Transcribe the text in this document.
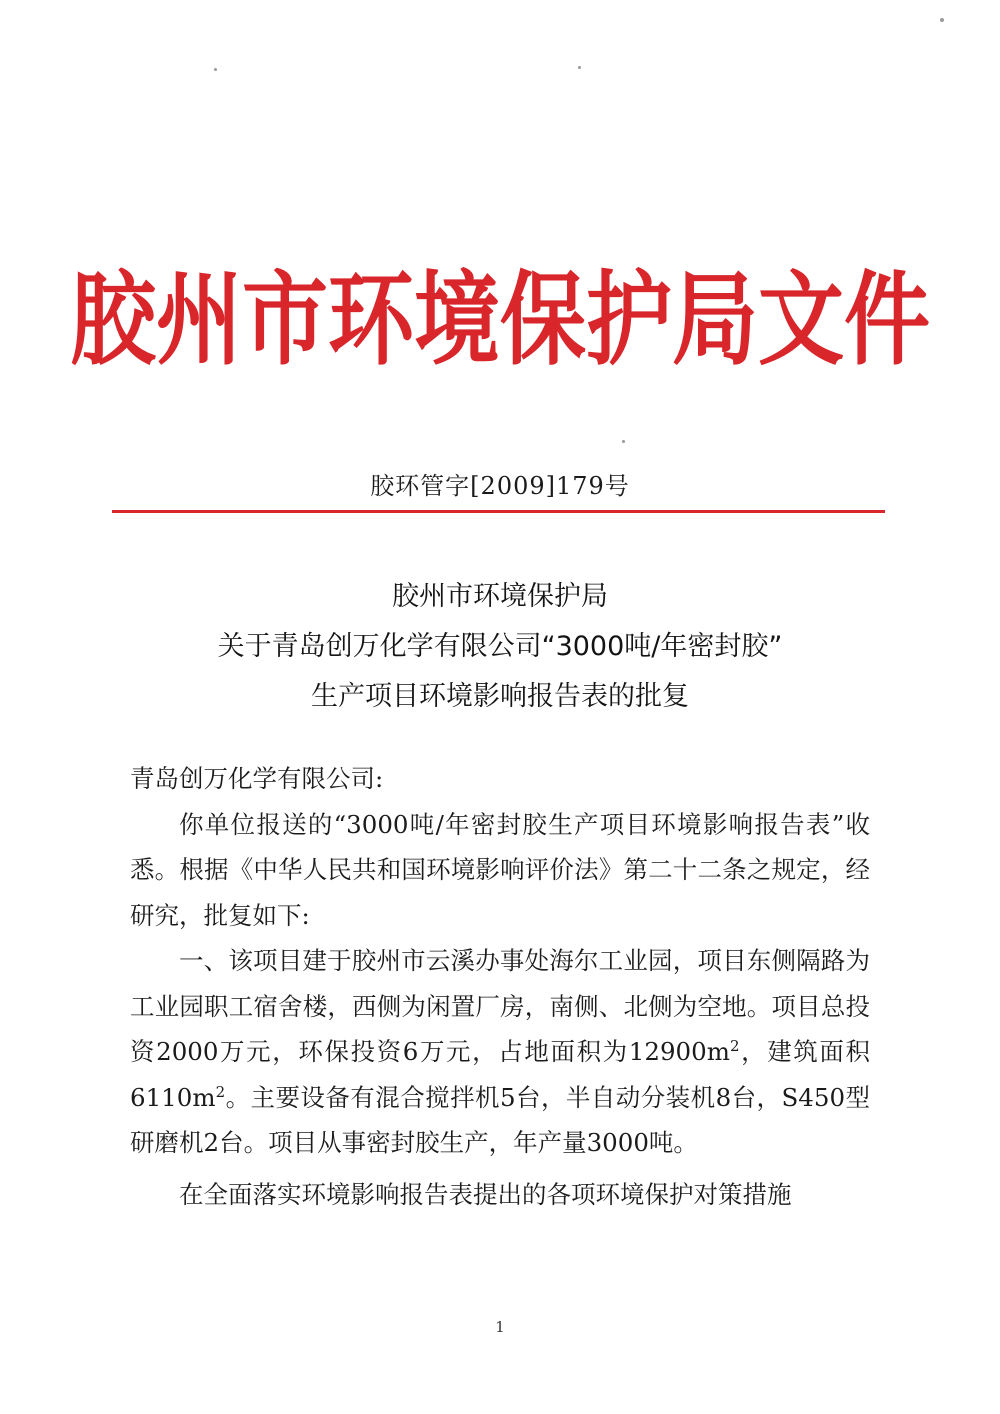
胶州市环境保护局文件
胶环管字[2009]179号
胶州市环境保护局
关于青岛创万化学有限公司“3000吨/年密封胶”
生产项目环境影响报告表的批复

青岛创万化学有限公司:

你单位报送的“3000吨/年密封胶生产项目环境影响报告表”收悉。根据《中华人民共和国环境影响评价法》第二十二条之规定，经研究，批复如下:

一、该项目建于胶州市云溪办事处海尔工业园，项目东侧隔路为工业园职工宿舍楼，西侧为闲置厂房，南侧、北侧为空地。项目总投资2000万元，环保投资6万元，占地面积为$12900m^2$，建筑面积$6110m^2$。主要设备有混合搅拌机5台，半自动分装机8台，S450型研磨机2台。项目从事密封胶生产，年产量3000吨。

在全面落实环境影响报告表提出的各项环境保护对策措施

1
